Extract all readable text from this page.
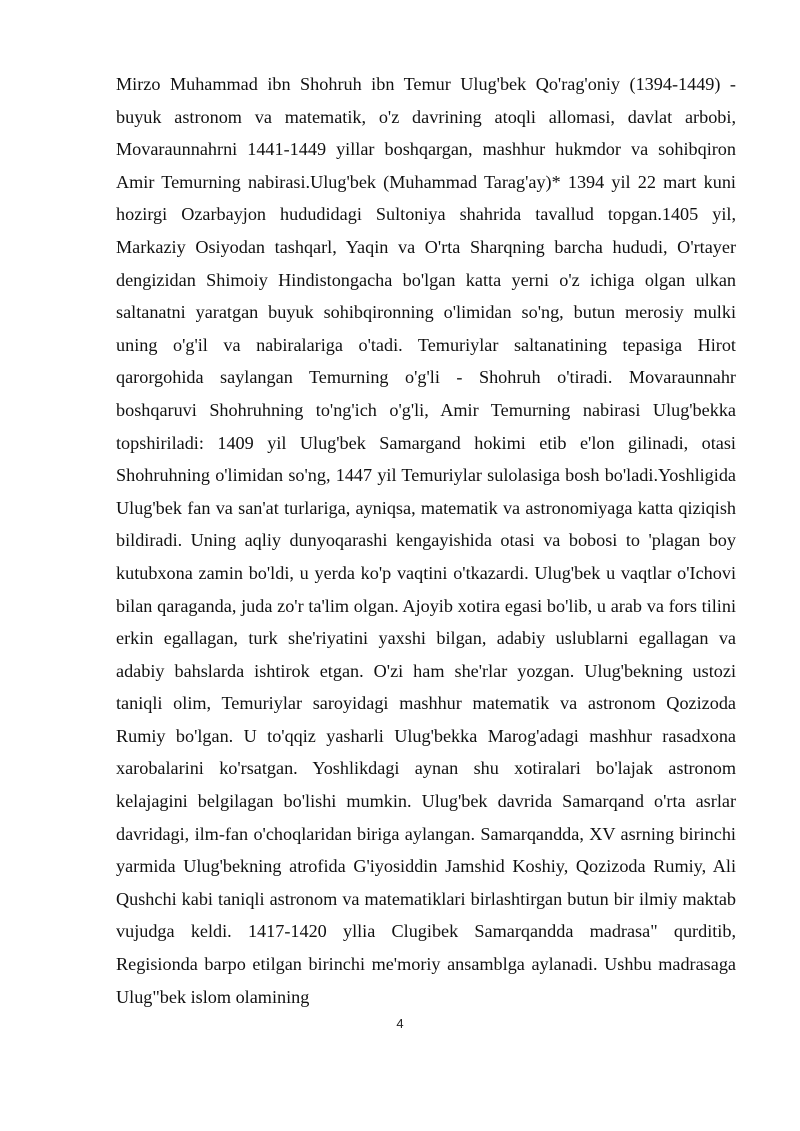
Mirzo Muhammad ibn Shohruh ibn Temur Ulug'bek Qo'rag'oniy (1394-1449) - buyuk astronom va matematik, o'z davrining atoqli allomasi, davlat arbobi, Movaraunnahrni 1441-1449 yillar boshqargan, mashhur hukmdor va sohibqiron Amir Temurning nabirasi.Ulug'bek (Muhammad Tarag'ay)* 1394 yil 22 mart kuni hozirgi Ozarbayjon hududidagi Sultoniya shahrida tavallud topgan.1405 yil, Markaziy Osiyodan tashqarl, Yaqin va O'rta Sharqning barcha hududi, O'rtayer dengizidan Shimoiy Hindistongacha bo'lgan katta yerni o'z ichiga olgan ulkan saltanatni yaratgan buyuk sohibqironning o'limidan so'ng, butun merosiy mulki uning o'g'il va nabiralariga o'tadi. Temuriylar saltanatining tepasiga Hirot qarorgohida saylangan Temurning o'g'li - Shohruh o'tiradi. Movaraunnahr boshqaruvi Shohruhning to'ng'ich o'g'li, Amir Temurning nabirasi Ulug'bekka topshiriladi: 1409 yil Ulug'bek Samargand hokimi etib e'lon gilinadi, otasi Shohruhning o'limidan so'ng, 1447 yil Temuriylar sulolasiga bosh bo'ladi.Yoshligida Ulug'bek fan va san'at turlariga, ayniqsa, matematik va astronomiyaga katta qiziqish bildiradi. Uning aqliy dunyoqarashi kengayishida otasi va bobosi to 'plagan boy kutubxona zamin bo'ldi, u yerda ko'p vaqtini o'tkazardi. Ulug'bek u vaqtlar o'Ichovi bilan qaraganda, juda zo'r ta'lim olgan. Ajoyib xotira egasi bo'lib, u arab va fors tilini erkin egallagan, turk she'riyatini yaxshi bilgan, adabiy uslublarni egallagan va adabiy bahslarda ishtirok etgan. O'zi ham she'rlar yozgan. Ulug'bekning ustozi taniqli olim, Temuriylar saroyidagi mashhur matematik va astronom Qozizoda Rumiy bo'lgan. U to'qqiz yasharli Ulug'bekka Marog'adagi mashhur rasadxona xarobalarini ko'rsatgan. Yoshlikdagi aynan shu xotiralari bo'lajak astronom kelajagini belgilagan bo'lishi mumkin. Ulug'bek davrida Samarqand o'rta asrlar davridagi, ilm-fan o'choqlaridan biriga aylangan. Samarqandda, XV asrning birinchi yarmida Ulug'bekning atrofida G'iyosiddin Jamshid Koshiy, Qozizoda Rumiy, Ali Qushchi kabi taniqli astronom va matematiklari birlashtirgan butun bir ilmiy maktab vujudga keldi. 1417-1420 yllia Clugibek Samarqandda madrasa" qurditib, Regisionda barpo etilgan birinchi me'moriy ansamblga aylanadi. Ushbu madrasaga Ulug"bek islom olamining

4
